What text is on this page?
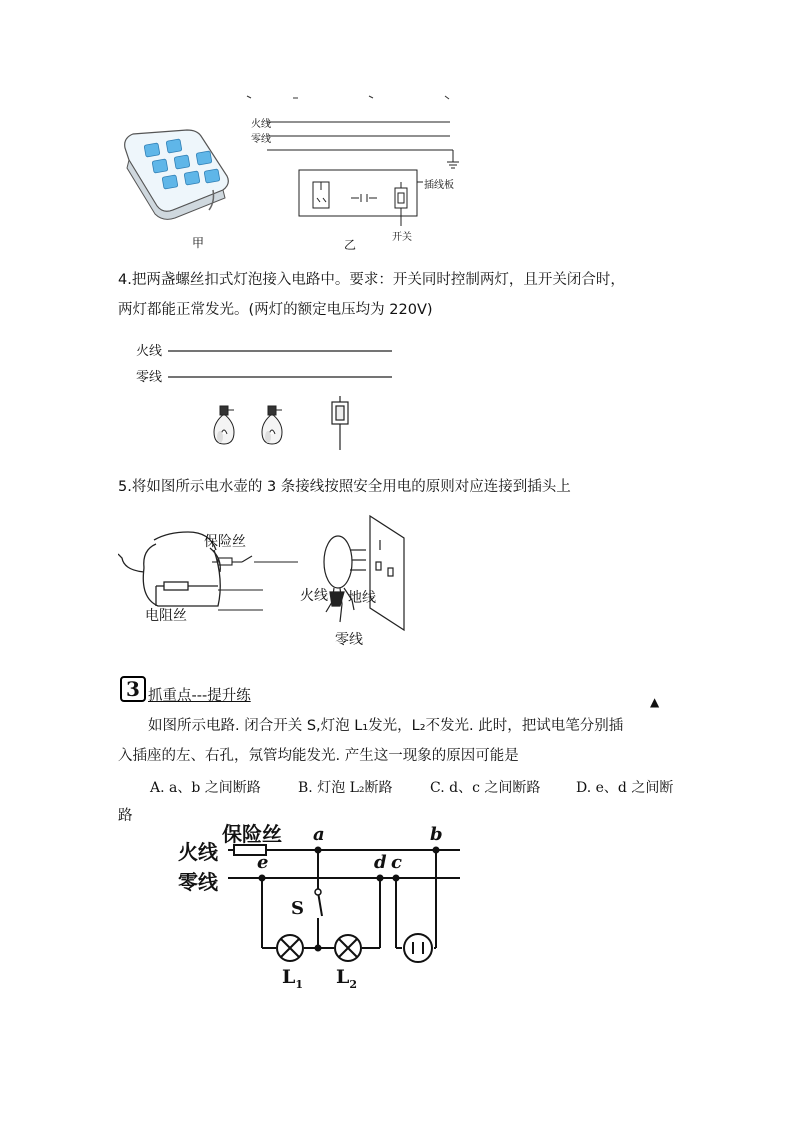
火线
零线
插线板
开关
甲	乙
4.把两盏螺丝扣式灯泡接入电路中。要求：开关同时控制两灯，且开关闭合时，
两灯都能正常发光。(两灯的额定电压均为 220V)
火线
零线
5.将如图所示电水壶的 3 条接线按照安全用电的原则对应连接到插头上
保险丝
电阻丝
火线 地线
零线
3 抓重点---提升练	▲
如图所示电路. 闭合开关 S,灯泡 L₁发光，L₂不发光. 此时，把试电笔分别插
入插座的左、右孔，氖管均能发光. 产生这一现象的原因可能是
A. a、b 之间断路	B. 灯泡 L₂断路	C. d、c 之间断路	D. e、d 之间断
路
保险丝
火线
零线
a	b
e	d c
S
$L_1$ $L_2$
